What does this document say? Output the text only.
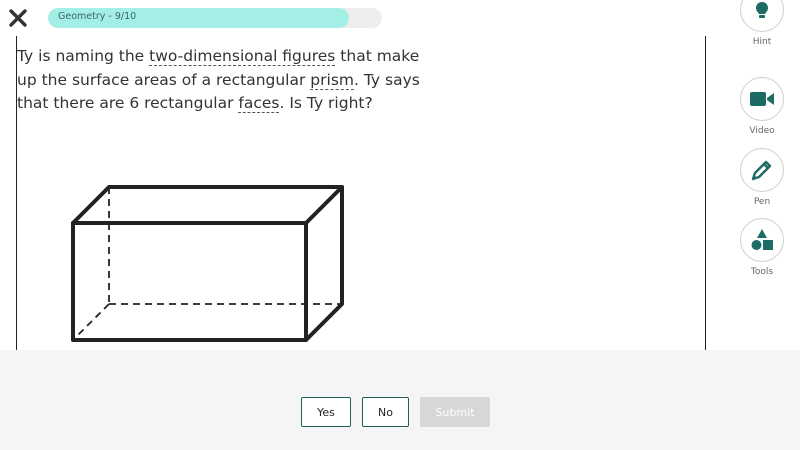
Geometry - 9/10
Ty is naming the two-dimensional figures that make up the surface areas of a rectangular prism. Ty says that there are 6 rectangular faces. Is Ty right?
Hint
Video
Pen
Tools
Yes	No	Submit
